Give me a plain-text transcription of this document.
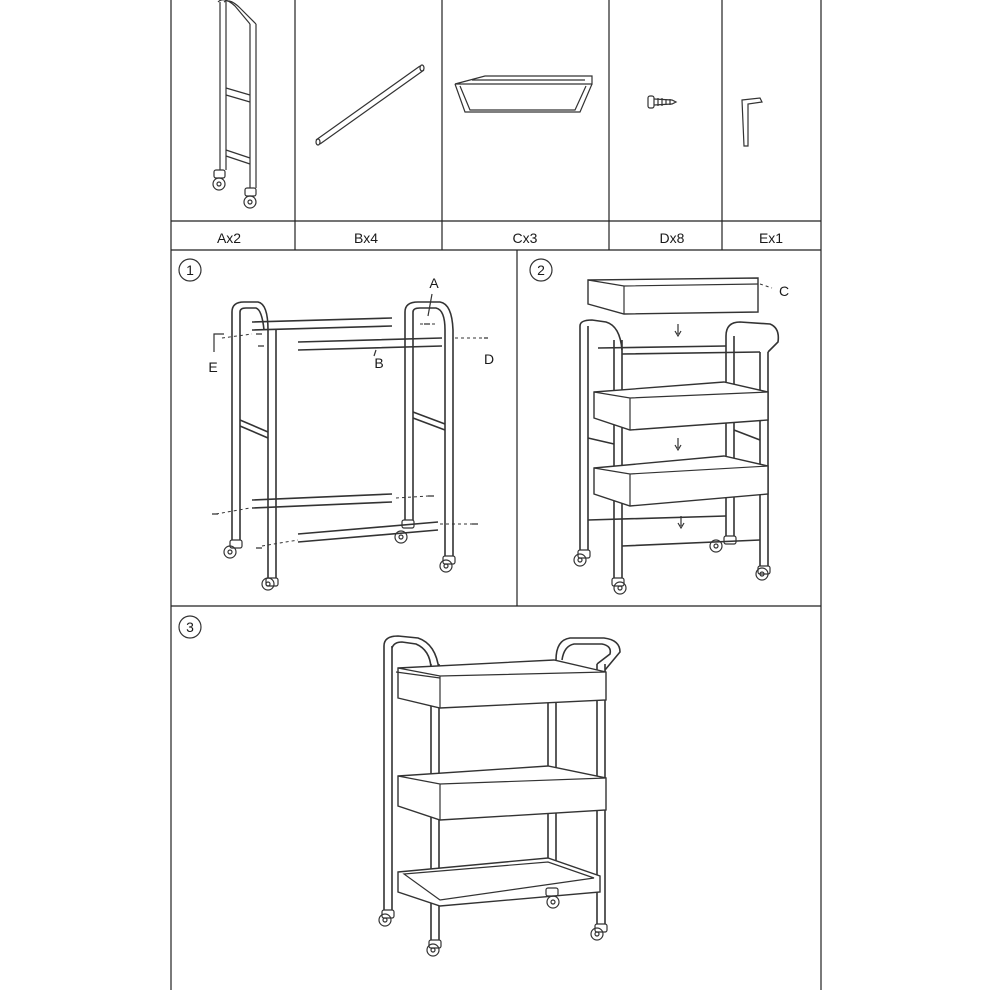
Ax2	Bx4	Cx3	Dx8	Ex1
1
A
B	D
E
2
C
3
